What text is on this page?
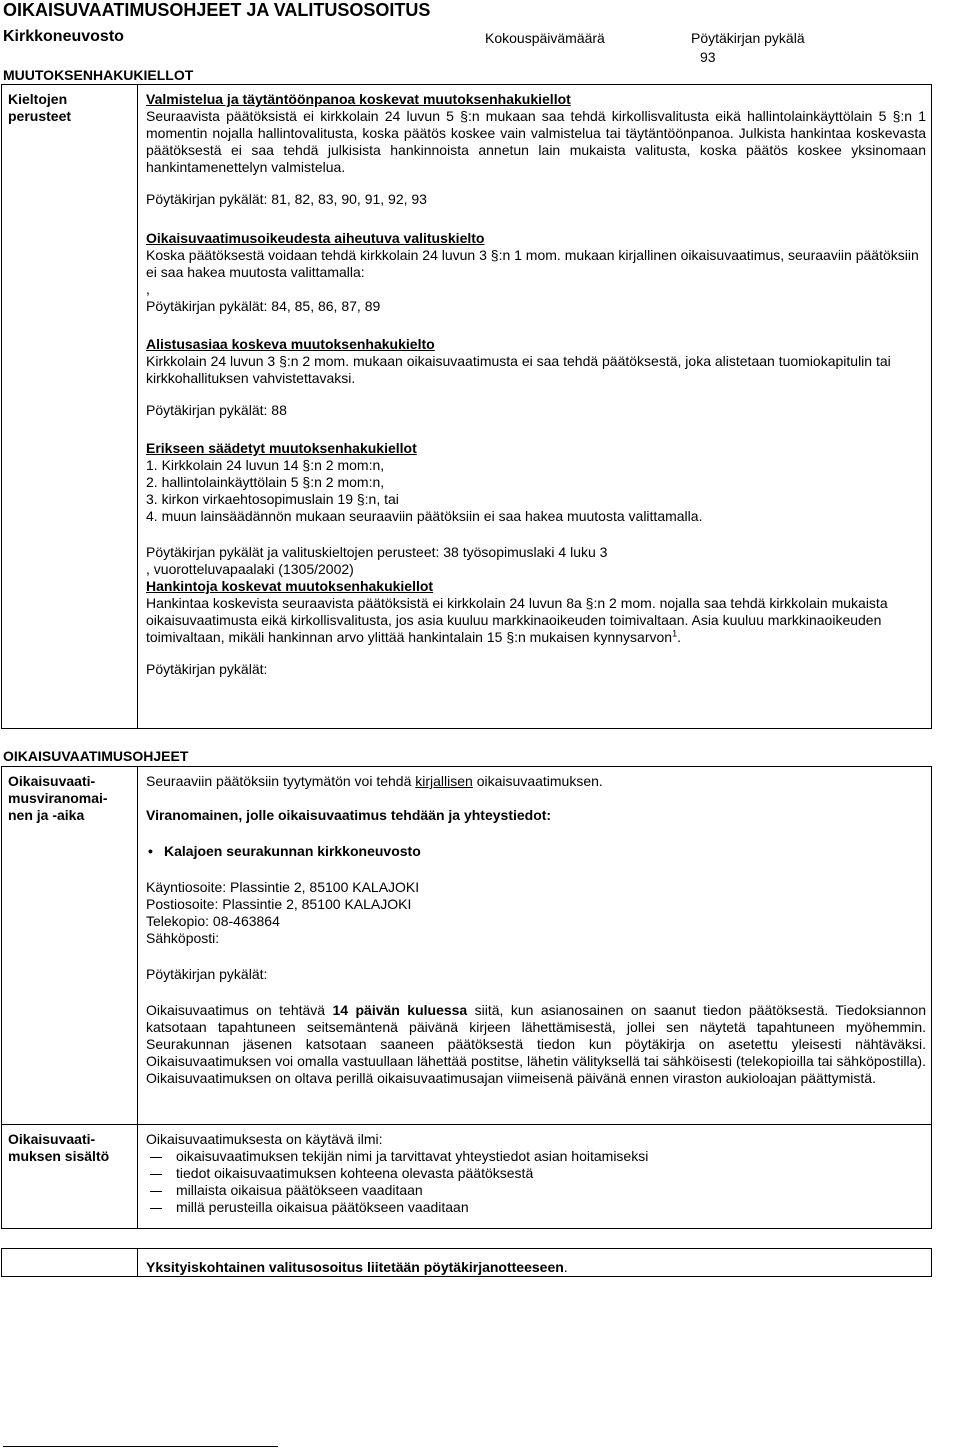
OIKAISUVAATIMUSOHJEET JA VALITUSOSOITUS
Kirkkoneuvosto	Kokouspäivämäärä	Pöytäkirjan pykälä
93
MUUTOKSENHAKUKIELLOT
Kieltojen perusteet

Valmistelua ja täytäntöönpanoa koskevat muutoksenhakukiellot

Seuraavista päätöksistä ei kirkkolain 24 luvun 5 §:n mukaan saa tehdä kirkollisvalitusta eikä hallintolainkäyttölain 5 §:n 1 momentin nojalla hallintovalitusta, koska päätös koskee vain valmistelua tai täytäntöönpanoa. Julkista hankintaa koskevasta päätöksestä ei saa tehdä julkisista hankinnoista annetun lain mukaista valitusta, koska päätös koskee yksinomaan hankintamenettelyn valmistelua.

Pöytäkirjan pykälät: 81, 82, 83, 90, 91, 92, 93

Oikaisuvaatimusoikeudesta aiheutuva valituskielto

Koska päätöksestä voidaan tehdä kirkkolain 24 luvun 3 §:n 1 mom. mukaan kirjallinen oikaisuvaatimus, seuraaviin päätöksiin ei saa hakea muutosta valittamalla:

,

Pöytäkirjan pykälät: 84, 85, 86, 87, 89

Alistusasiaa koskeva muutoksenhakukielto

Kirkkolain 24 luvun 3 §:n 2 mom. mukaan oikaisuvaatimusta ei saa tehdä päätöksestä, joka alistetaan tuomiokapitulin tai kirkkohallituksen vahvistettavaksi.

Pöytäkirjan pykälät: 88

Erikseen säädetyt muutoksenhakukiellot

1. Kirkkolain 24 luvun 14 §:n 2 mom:n,

2. hallintolainkäyttölain 5 §:n 2 mom:n,

3. kirkon virkaehtosopimuslain 19 §:n, tai

4. muun lainsäädännön mukaan seuraaviin päätöksiin ei saa hakea muutosta valittamalla.

Pöytäkirjan pykälät ja valituskieltojen perusteet: 38 työsopimuslaki 4 luku 3

, vuorotteluvapaalaki (1305/2002)

Hankintoja koskevat muutoksenhakukiellot

Hankintaa koskevista seuraavista päätöksistä ei kirkkolain 24 luvun 8a §:n 2 mom. nojalla saa tehdä kirkkolain mukaista oikaisuvaatimusta eikä kirkollisvalitusta, jos asia kuuluu markkinaoikeuden toimivaltaan. Asia kuuluu markkinaoikeuden toimivaltaan, mikäli hankinnan arvo ylittää hankintalain 15 §:n mukaisen kynnysarvon$^1$.

Pöytäkirjan pykälät:

OIKAISUVAATIMUSOHJEET
Oikaisuvaati-musviranomai-nen ja -aika

Seuraaviin päätöksiin tyytymätön voi tehdä kirjallisen oikaisuvaatimuksen.

Viranomainen, jolle oikaisuvaatimus tehdään ja yhteystiedot:

• Kalajoen seurakunnan kirkkoneuvosto

Käyntiosoite: Plassintie 2, 85100 KALAJOKI

Postiosoite: Plassintie 2, 85100 KALAJOKI

Telekopio: 08-463864

Sähköposti:

Pöytäkirjan pykälät:

Oikaisuvaatimus on tehtävä 14 päivän kuluessa siitä, kun asianosainen on saanut tiedon päätöksestä. Tiedoksiannon katsotaan tapahtuneen seitsemäntenä päivänä kirjeen lähettämisestä, jollei sen näytetä tapahtuneen myöhemmin. Seurakunnan jäsenen katsotaan saaneen päätöksestä tiedon kun pöytäkirja on asetettu yleisesti nähtäväksi. Oikaisuvaatimuksen voi omalla vastuullaan lähettää postitse, lähetin välityksellä tai sähköisesti (telekopioilla tai sähköpostilla). Oikaisuvaatimuksen on oltava perillä oikaisuvaatimusajan viimeisenä päivänä ennen viraston aukioloajan päättymistä.

Oikaisuvaati-muksen sisältö

Oikaisuvaatimuksesta on käytävä ilmi:

oikaisuvaatimuksen tekijän nimi ja tarvittavat yhteystiedot asian hoitamiseksi
tiedot oikaisuvaatimuksen kohteena olevasta päätöksestä
millaista oikaisua päätökseen vaaditaan
millä perusteilla oikaisua päätökseen vaaditaan
Yksityiskohtainen valitusosoitus liitetään pöytäkirjanotteeseen.
